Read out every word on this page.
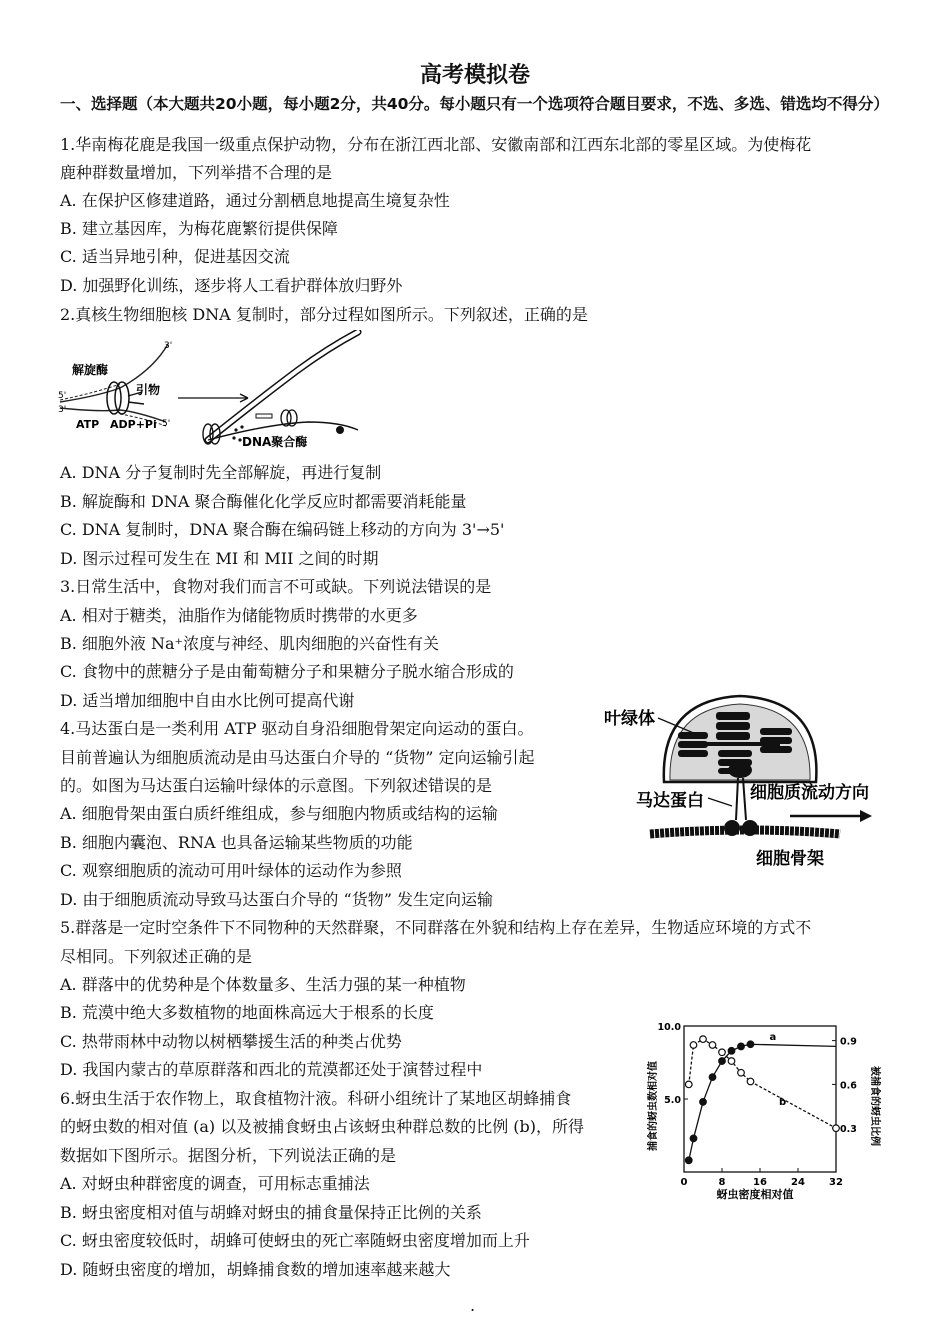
高考模拟卷
一、选择题（本大题共20小题，每小题2分，共40分。每小题只有一个选项符合题目要求，不选、多选、错选均不得分）
1.华南梅花鹿是我国一级重点保护动物，分布在浙江西北部、安徽南部和江西东北部的零星区域。为使梅花
鹿种群数量增加，下列举措不合理的是
A. 在保护区修建道路，通过分割栖息地提高生境复杂性
B. 建立基因库，为梅花鹿繁衍提供保障
C. 适当异地引种，促进基因交流
D. 加强野化训练，逐步将人工看护群体放归野外
2.真核生物细胞核 DNA 复制时，部分过程如图所示。下列叙述，正确的是
解旋酶
引物
ATP ADP+Pi
DNA聚合酶
3'
5'
3'
5'
A. DNA 分子复制时先全部解旋，再进行复制
B. 解旋酶和 DNA 聚合酶催化化学反应时都需要消耗能量
C. DNA 复制时，DNA 聚合酶在编码链上移动的方向为 3'→5'
D. 图示过程可发生在 MI 和 MII 之间的时期
3.日常生活中，食物对我们而言不可或缺。下列说法错误的是
A. 相对于糖类，油脂作为储能物质时携带的水更多
B. 细胞外液 Na⁺浓度与神经、肌肉细胞的兴奋性有关
C. 食物中的蔗糖分子是由葡萄糖分子和果糖分子脱水缩合形成的
D. 适当增加细胞中自由水比例可提高代谢
4.马达蛋白是一类利用 ATP 驱动自身沿细胞骨架定向运动的蛋白。
目前普遍认为细胞质流动是由马达蛋白介导的 “货物” 定向运输引起
的。如图为马达蛋白运输叶绿体的示意图。下列叙述错误的是
A. 细胞骨架由蛋白质纤维组成，参与细胞内物质或结构的运输
B. 细胞内囊泡、RNA 也具备运输某些物质的功能
C. 观察细胞质的流动可用叶绿体的运动作为参照
D. 由于细胞质流动导致马达蛋白介导的 “货物” 发生定向运输
叶绿体
马达蛋白	细胞质流动方向
细胞骨架
5.群落是一定时空条件下不同物种的天然群聚，不同群落在外貌和结构上存在差异，生物适应环境的方式不
尽相同。下列叙述正确的是
A. 群落中的优势种是个体数量多、生活力强的某一种植物
B. 荒漠中绝大多数植物的地面株高远大于根系的长度
C. 热带雨林中动物以树栖攀援生活的种类占优势
D. 我国内蒙古的草原群落和西北的荒漠都还处于演替过程中
6.蚜虫生活于农作物上，取食植物汁液。科研小组统计了某地区胡蜂捕食
的蚜虫数的相对值 (a) 以及被捕食蚜虫占该蚜虫种群总数的比例 (b)，所得
数据如下图所示。据图分析，下列说法正确的是
A. 对蚜虫种群密度的调查，可用标志重捕法
B. 蚜虫密度相对值与胡蜂对蚜虫的捕食量保持正比例的关系
C. 蚜虫密度较低时，胡蜂可使蚜虫的死亡率随蚜虫密度增加而上升
D. 随蚜虫密度的增加，胡蜂捕食数的增加速率越来越大
0	8	16 24 32
10.0
5.0
0.9
0.6
0.3
a
b
蚜虫密度相对值
捕食的蚜虫数相对值	被捕食的蚜虫比例
.
